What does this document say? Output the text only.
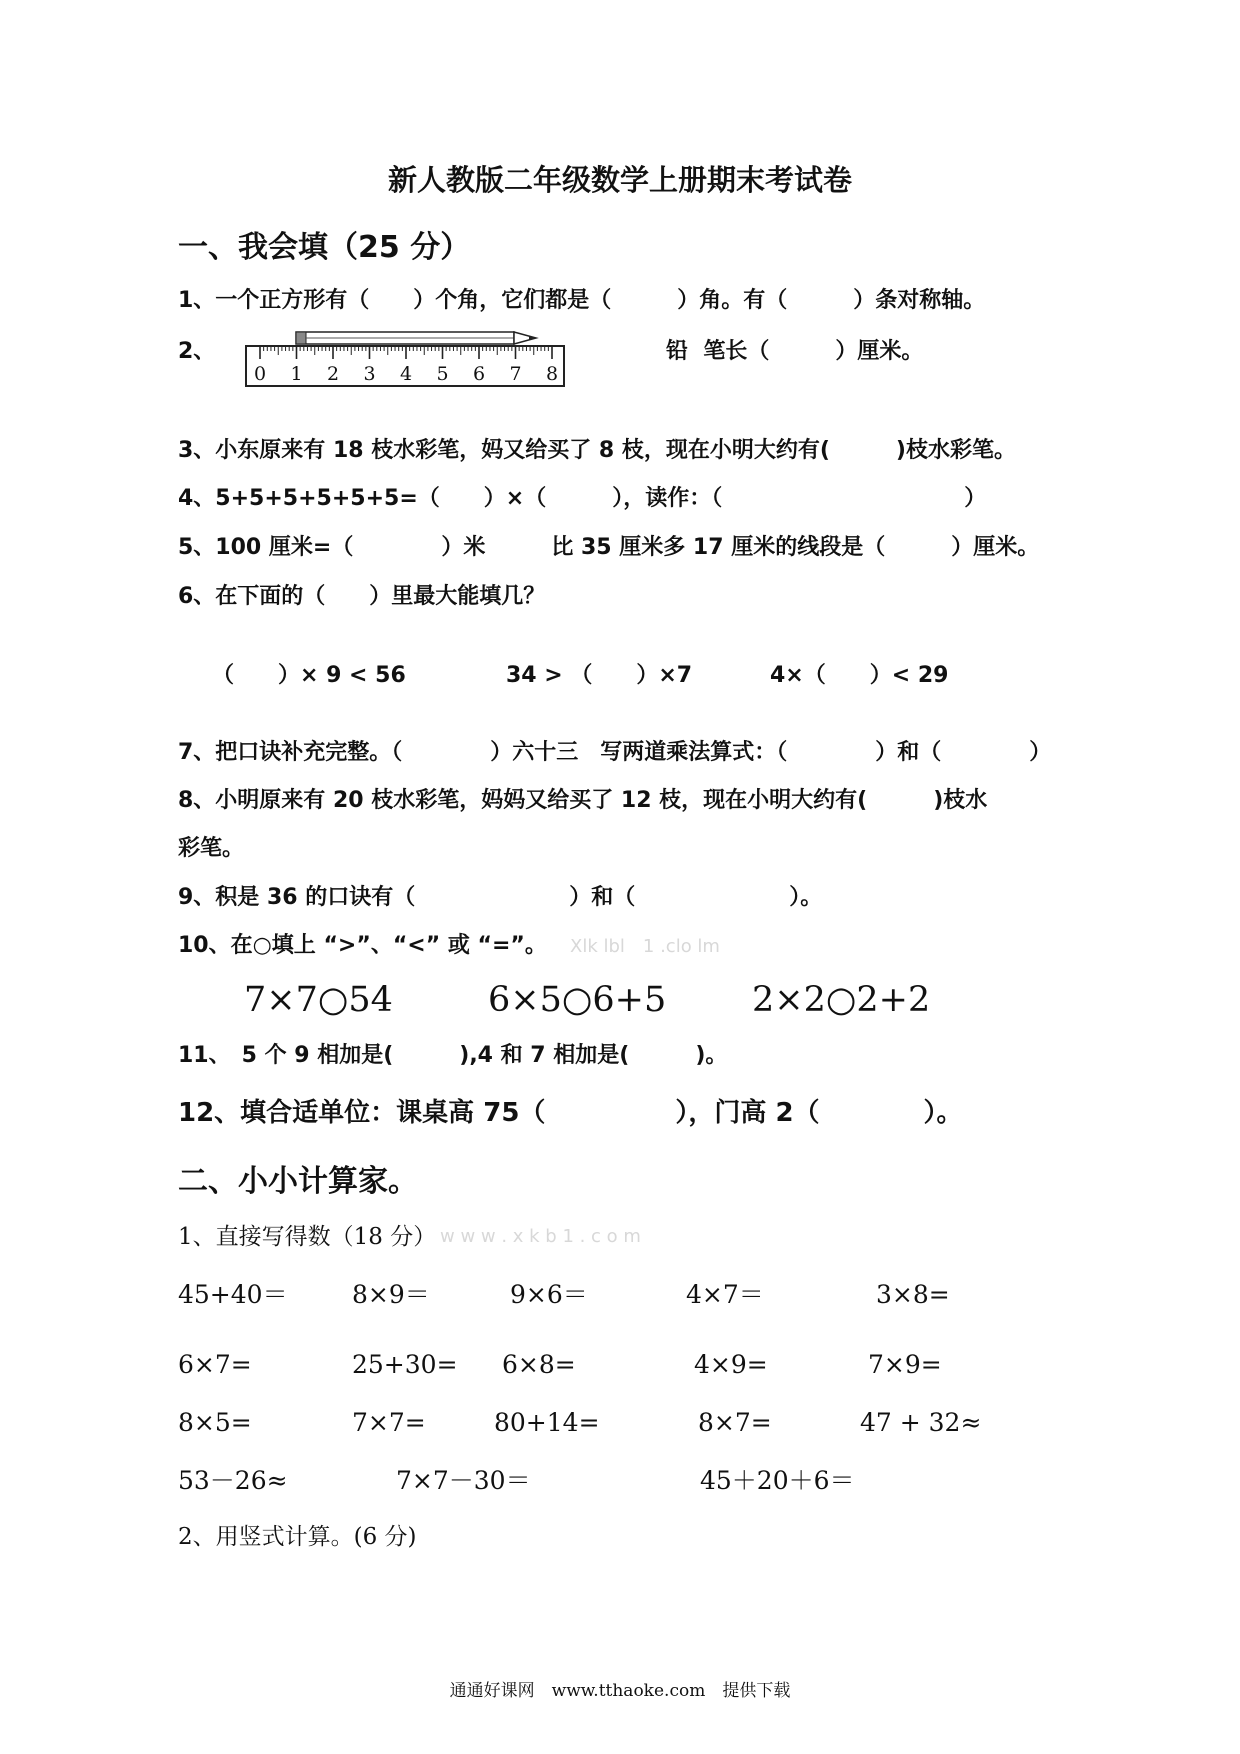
新人教版二年级数学上册期末考试卷
一、我会填（25 分）
1、一个正方形有（　　）个角，它们都是（　　　）角。有（　　　）条对称轴。
2、
0 1 2 3 4 5 6 7 8
铅  笔长（　　　）厘米。
3、小东原来有 18 枝水彩笔，妈又给买了 8 枝，现在小明大约有(　　　)枝水彩笔。
4、5+5+5+5+5+5=（　　）×（　　　），读作：（　　　　　　　　　　　）
5、100 厘米=（　　　　）米　　　比 35 厘米多 17 厘米的线段是（　　　）厘米。
6、在下面的（　　）里最大能填几？
（　　）× 9 < 56	34 > （　　）×7	4×（　　）< 29
7、把口诀补充完整。（　　　　）六十三　写两道乘法算式：（　　　　）和（　　　　）
8、小明原来有 20 枝水彩笔，妈妈又给买了 12 枝，现在小明大约有(　　　)枝水
彩笔。
9、积是 36 的口诀有（　　　　　　　）和（　　　　　　　）。
10、在○填上 “>”、“<” 或 “=”。 Xlk lbl　1 .clo lm
7×7○54	6×5○6+5 2×2○2+2
11、　5 个 9 相加是(　　　),4 和 7 相加是(　　　)。
12、填合适单位：课桌高 75（　　　　　），门高 2（　　　　）。
二、小小计算家。
1、直接写得数（18 分） w w w . x k b 1 . c o m
45+40＝	8×9＝	9×6＝	4×7＝	3×8=
6×7=	25+30= 6×8=	4×9=	7×9=
8×5=	7×7=	80+14=	8×7=	47 + 32≈
53－26≈	7×7－30＝	45＋20＋6＝
2、用竖式计算。(6 分)
通通好课网　www.tthaoke.com　提供下载
